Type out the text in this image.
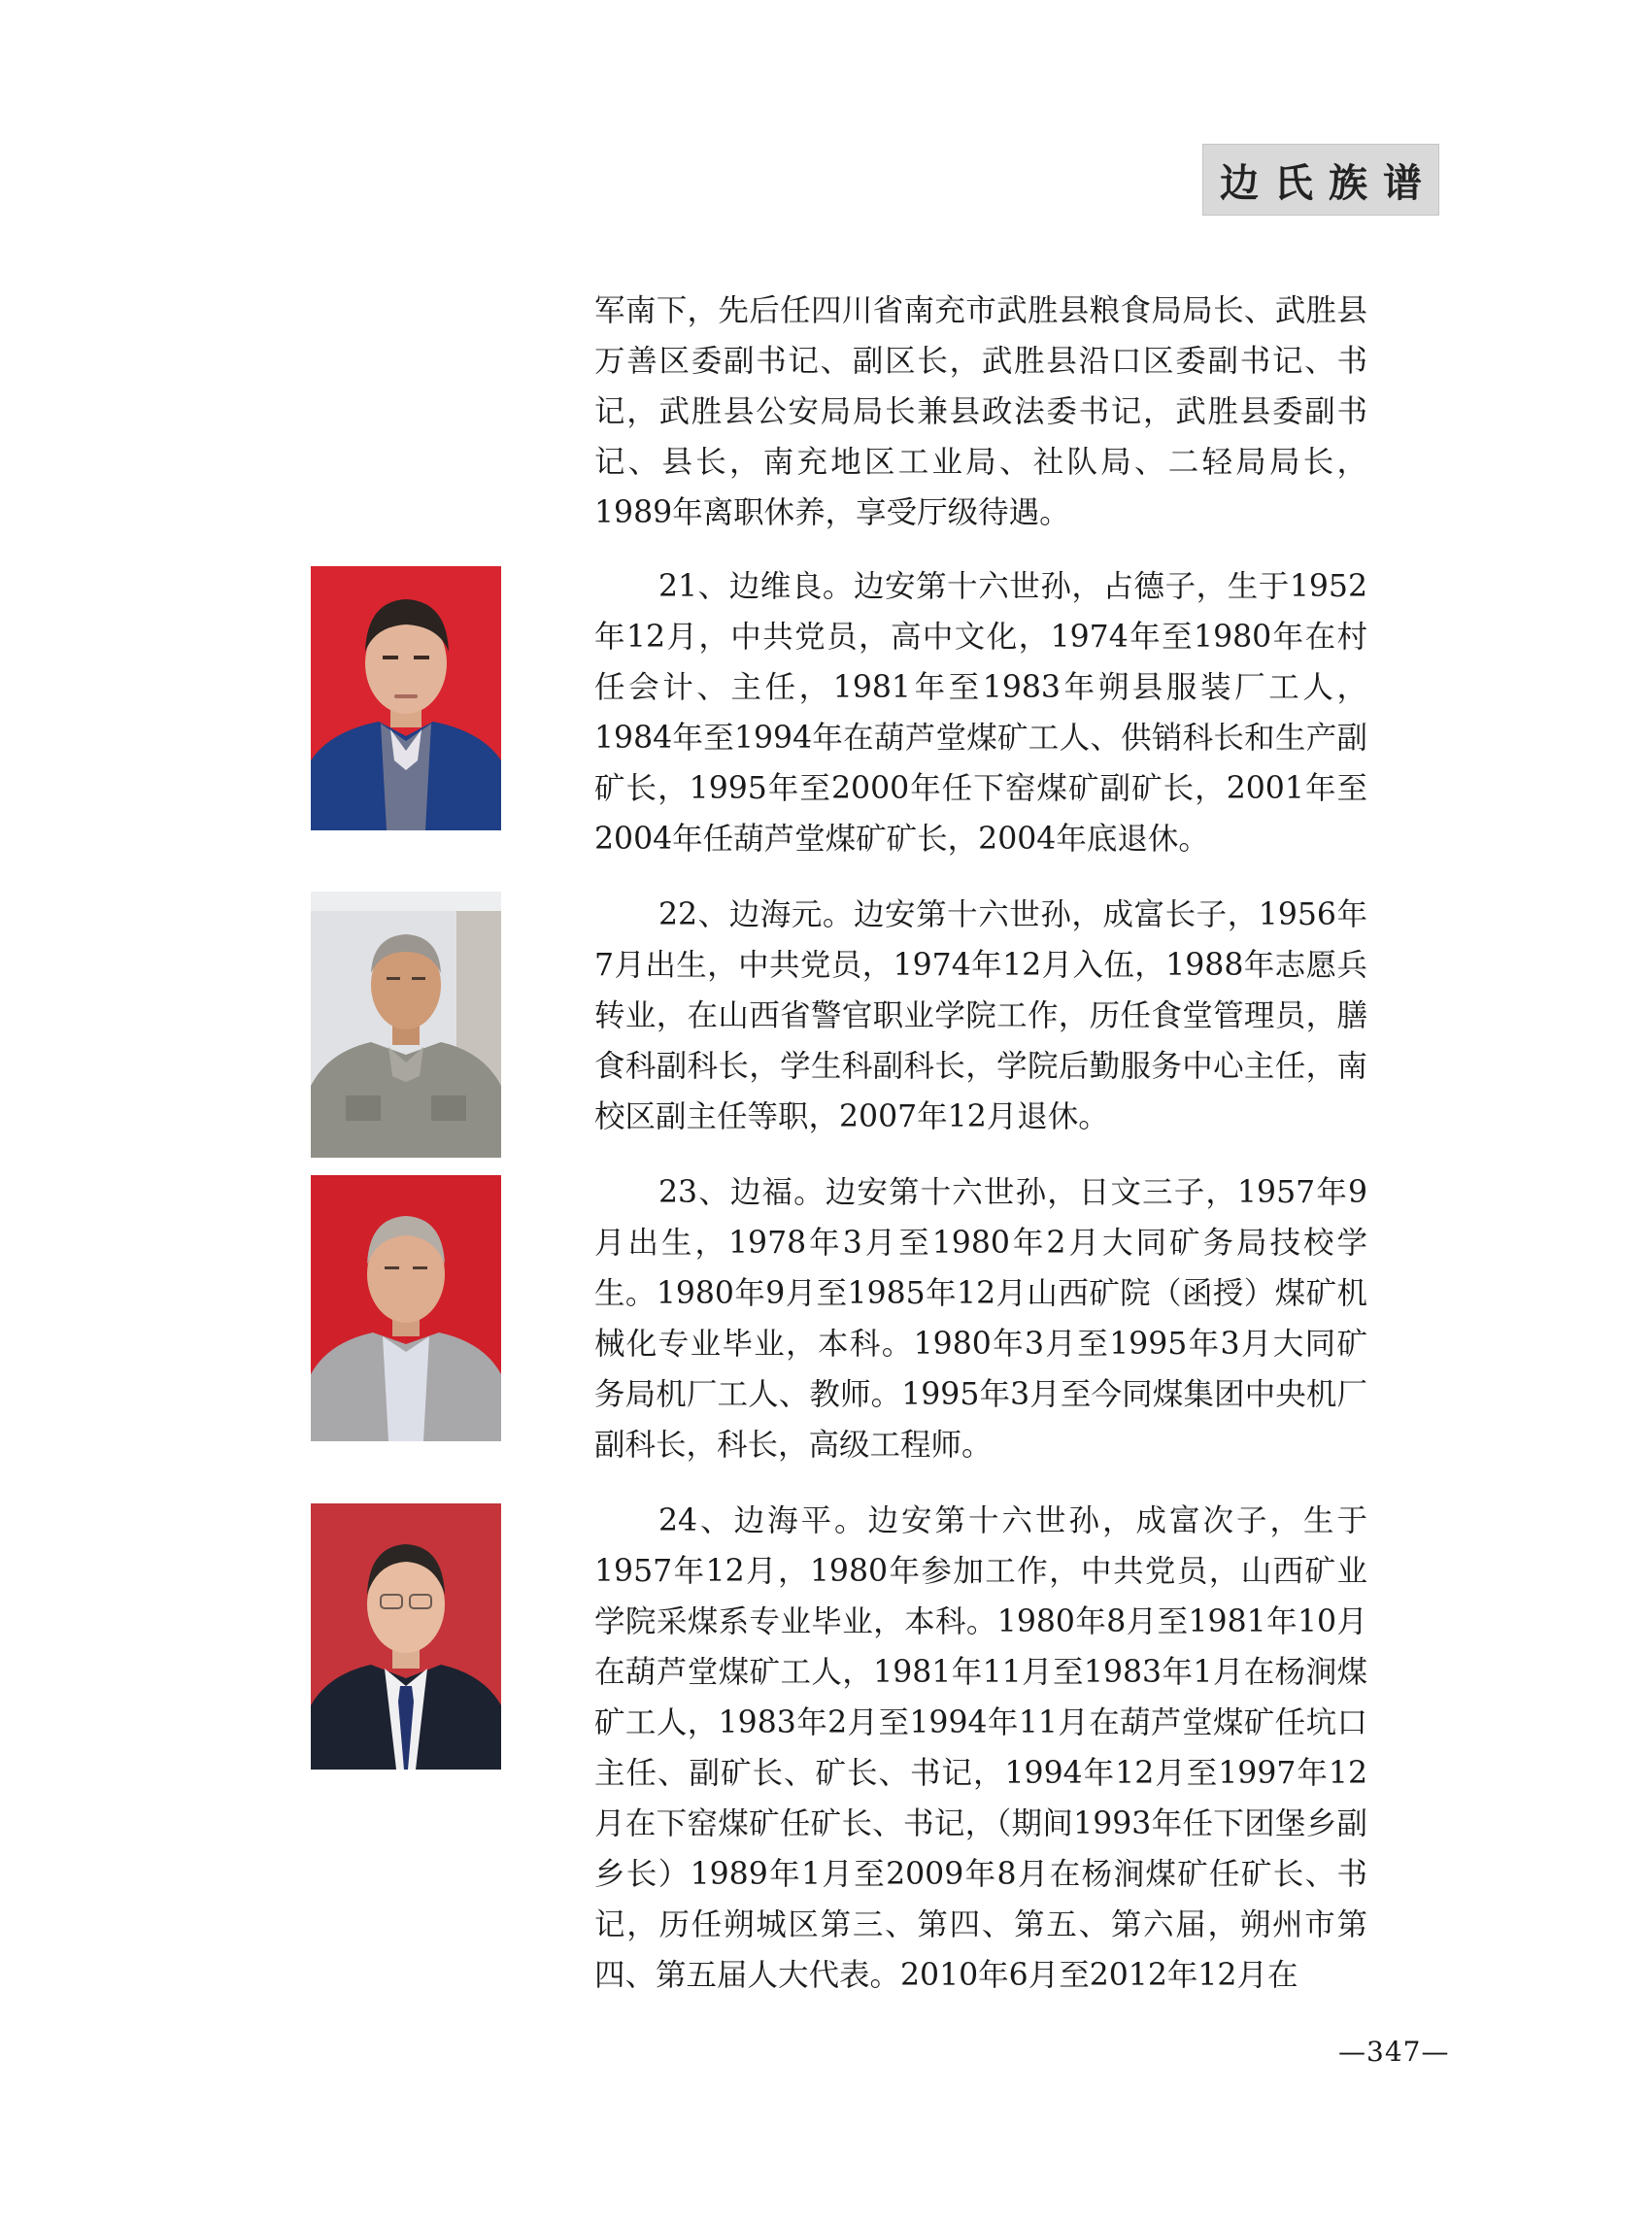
边氏族谱

军南下，先后任四川省南充市武胜县粮食局局长、武胜县万善区委副书记、副区长，武胜县沿口区委副书记、书记，武胜县公安局局长兼县政法委书记，武胜县委副书记、县长，南充地区工业局、社队局、二轻局局长，1989年离职休养，享受厅级待遇。

21、边维良。边安第十六世孙，占德子，生于1952年12月，中共党员，高中文化，1974年至1980年在村任会计、主任，1981年至1983年朔县服装厂工人，1984年至1994年在葫芦堂煤矿工人、供销科长和生产副矿长，1995年至2000年任下窑煤矿副矿长，2001年至2004年任葫芦堂煤矿矿长，2004年底退休。

22、边海元。边安第十六世孙，成富长子，1956年7月出生，中共党员，1974年12月入伍，1988年志愿兵转业，在山西省警官职业学院工作，历任食堂管理员，膳食科副科长，学生科副科长，学院后勤服务中心主任，南校区副主任等职，2007年12月退休。

23、边福。边安第十六世孙，日文三子，1957年9月出生，1978年3月至1980年2月大同矿务局技校学生。1980年9月至1985年12月山西矿院（函授）煤矿机械化专业毕业，本科。1980年3月至1995年3月大同矿务局机厂工人、教师。1995年3月至今同煤集团中央机厂副科长，科长，高级工程师。

24、边海平。边安第十六世孙，成富次子，生于1957年12月，1980年参加工作，中共党员，山西矿业学院采煤系专业毕业，本科。1980年8月至1981年10月在葫芦堂煤矿工人，1981年11月至1983年1月在杨涧煤矿工人，1983年2月至1994年11月在葫芦堂煤矿任坑口主任、副矿长、矿长、书记，1994年12月至1997年12月在下窑煤矿任矿长、书记，（期间1993年任下团堡乡副乡长）1989年1月至2009年8月在杨涧煤矿任矿长、书记，历任朔城区第三、第四、第五、第六届，朔州市第四、第五届人大代表。2010年6月至2012年12月在

—347—
